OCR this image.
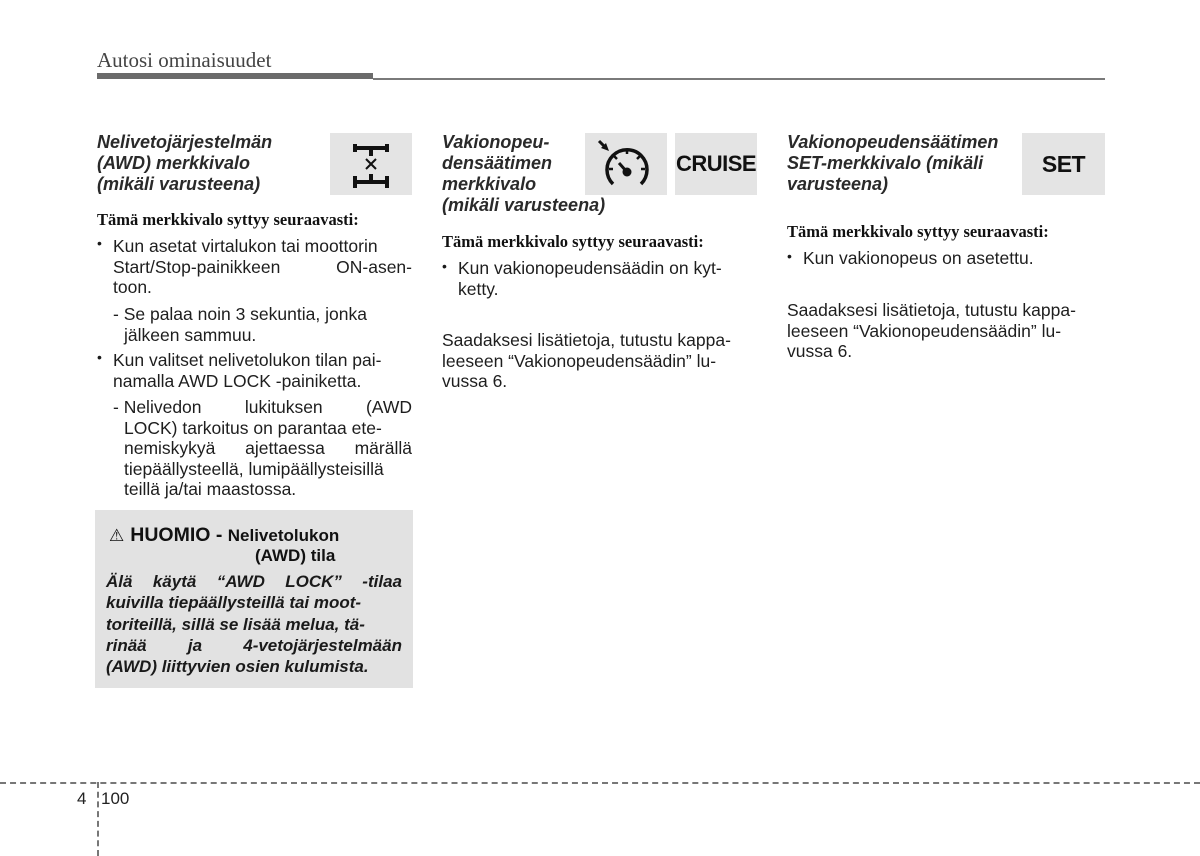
Autosi ominaisuudet
Nelivetojärjestelmän
(AWD) merkkivalo
(mikäli varusteena)
Tämä merkkivalo syttyy seuraavasti:
• Kun asetat virtalukon tai moottorin
Start/Stop-painikkeen	ON-asen-
toon.
- Se palaa noin 3 sekuntia, jonka
jälkeen sammuu.
• Kun valitset nelivetolukon tilan pai-
namalla AWD LOCK -painiketta.
- Nelivedon lukituksen (AWD
LOCK) tarkoitus on parantaa ete-
nemiskykyä ajettaessa märällä
tiepäällysteellä, lumipäällysteisillä
teillä ja/tai maastossa.
⚠ HUOMIO - Nelivetolukon
(AWD) tila
Älä käytä “AWD LOCK” -tilaa
kuivilla tiepäällysteillä tai moot-
toriteillä, sillä se lisää melua, tä-
rinää ja 4-vetojärjestelmään
(AWD) liittyvien osien kulumista.
Vakionopeu-
densäätimen
merkkivalo
(mikäli varusteena)
CRUISE
Tämä merkkivalo syttyy seuraavasti:
• Kun vakionopeudensäädin on kyt-
ketty.
Saadaksesi lisätietoja, tutustu kappa-
leeseen “Vakionopeudensäädin” lu-
vussa 6.
Vakionopeudensäätimen
SET-merkkivalo (mikäli
varusteena)
SET
Tämä merkkivalo syttyy seuraavasti:
• Kun vakionopeus on asetettu.
Saadaksesi lisätietoja, tutustu kappa-
leeseen “Vakionopeudensäädin” lu-
vussa 6.
4 100
